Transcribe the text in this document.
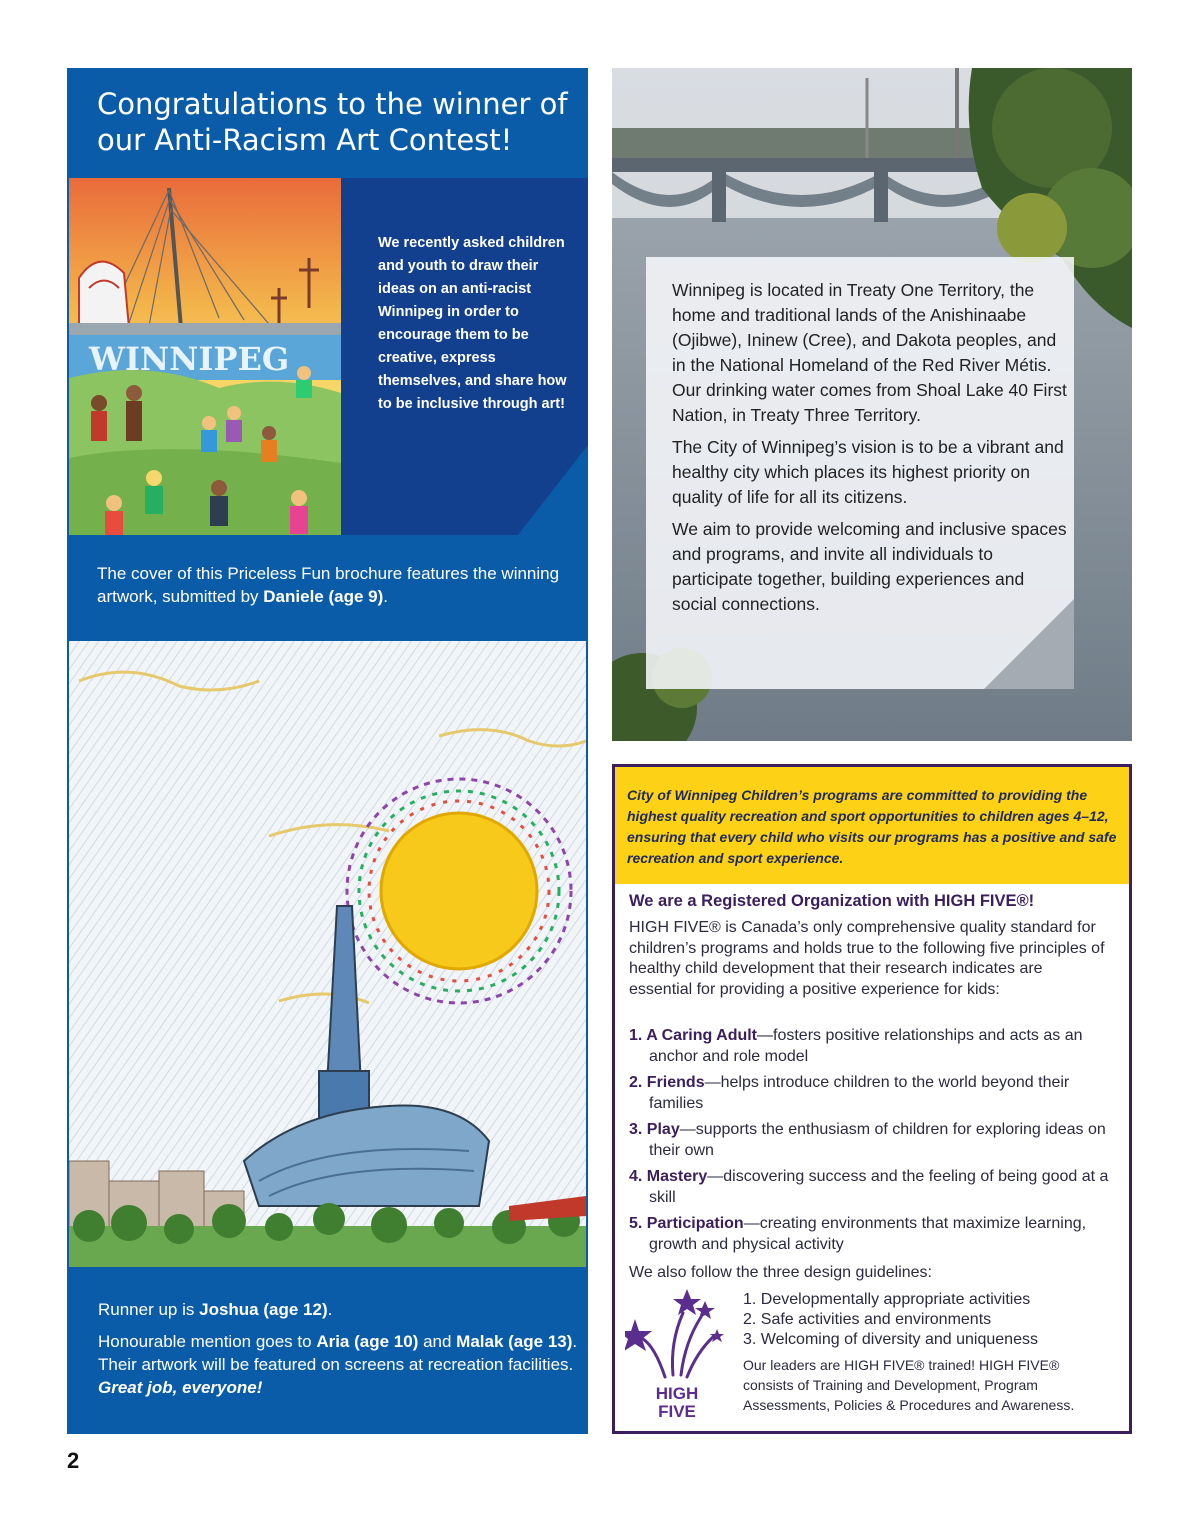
Congratulations to the winner of our Anti-Racism Art Contest!
WINNIPEG

We recently asked children and youth to draw their ideas on an anti-racist Winnipeg in order to encourage them to be creative, express themselves, and share how to be inclusive through art!

The cover of this Priceless Fun brochure features the winning artwork, submitted by Daniele (age 9).

Runner up is Joshua (age 12).

Honourable mention goes to Aria (age 10) and Malak (age 13). Their artwork will be featured on screens at recreation facilities. Great job, everyone!

Winnipeg is located in Treaty One Territory, the home and traditional lands of the Anishinaabe (Ojibwe), Ininew (Cree), and Dakota peoples, and in the National Homeland of the Red River Métis. Our drinking water comes from Shoal Lake 40 First Nation, in Treaty Three Territory.

The City of Winnipeg’s vision is to be a vibrant and healthy city which places its highest priority on quality of life for all its citizens.

We aim to provide welcoming and inclusive spaces and programs, and invite all individuals to participate together, building experiences and social connections.

City of Winnipeg Children’s programs are committed to providing the highest quality recreation and sport opportunities to children ages 4–12, ensuring that every child who visits our programs has a positive and safe recreation and sport experience.

We are a Registered Organization with HIGH FIVE®!

HIGH FIVE® is Canada’s only comprehensive quality standard for children’s programs and holds true to the following five principles of healthy child development that their research indicates are essential for providing a positive experience for kids:

1. A Caring Adult—fosters positive relationships and acts as an anchor and role model
2. Friends—helps introduce children to the world beyond their families
3. Play—supports the enthusiasm of children for exploring ideas on their own
4. Mastery—discovering success and the feeling of being good at a skill
5. Participation—creating environments that maximize learning, growth and physical activity

We also follow the three design guidelines:

HIGH
FIVE
1. Developmentally appropriate activities
2. Safe activities and environments
3. Welcoming of diversity and uniqueness

Our leaders are HIGH FIVE® trained! HIGH FIVE® consists of Training and Development, Program Assessments, Policies & Procedures and Awareness.

2
